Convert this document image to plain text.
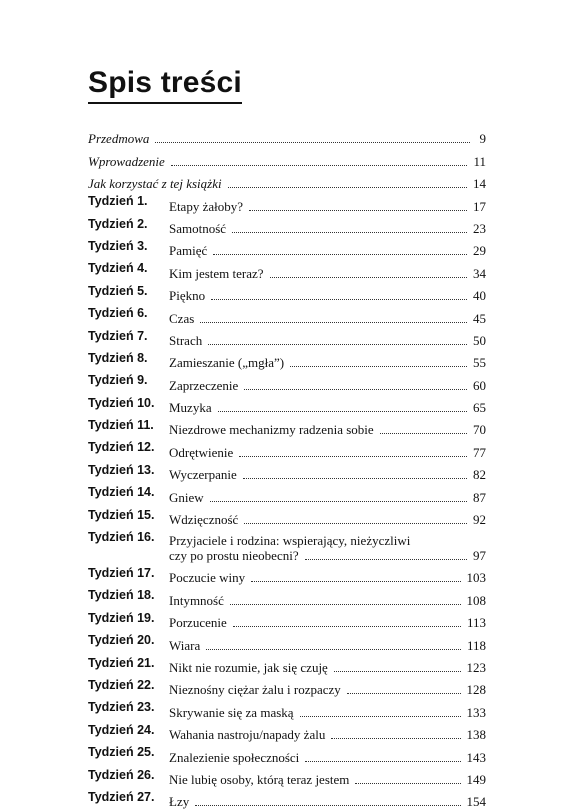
Spis treści
Przedmowa	9
Wprowadzenie	11
Jak korzystać z tej książki	14
Tydzień 1.	Etapy żałoby?	17
Tydzień 2.	Samotność	23
Tydzień 3.	Pamięć	29
Tydzień 4.	Kim jestem teraz?	34
Tydzień 5.	Piękno	40
Tydzień 6.	Czas	45
Tydzień 7.	Strach	50
Tydzień 8.	Zamieszanie („mgła”)	55
Tydzień 9.	Zaprzeczenie	60
Tydzień 10.	Muzyka	65
Tydzień 11.	Niezdrowe mechanizmy radzenia sobie	70
Tydzień 12.	Odrętwienie	77
Tydzień 13.	Wyczerpanie	82
Tydzień 14.	Gniew	87
Tydzień 15.	Wdzięczność	92
Tydzień 16.	Przyjaciele i rodzina: wspierający, nieżyczliwi
czy po prostu nieobecni?	97
Tydzień 17.	Poczucie winy	103
Tydzień 18.	Intymność	108
Tydzień 19.	Porzucenie	113
Tydzień 20.	Wiara	118
Tydzień 21.	Nikt nie rozumie, jak się czuję	123
Tydzień 22.	Nieznośny ciężar żalu i rozpaczy	128
Tydzień 23.	Skrywanie się za maską	133
Tydzień 24.	Wahania nastroju/napady żalu	138
Tydzień 25.	Znalezienie społeczności	143
Tydzień 26.	Nie lubię osoby, którą teraz jestem	149
Tydzień 27.	Łzy	154
